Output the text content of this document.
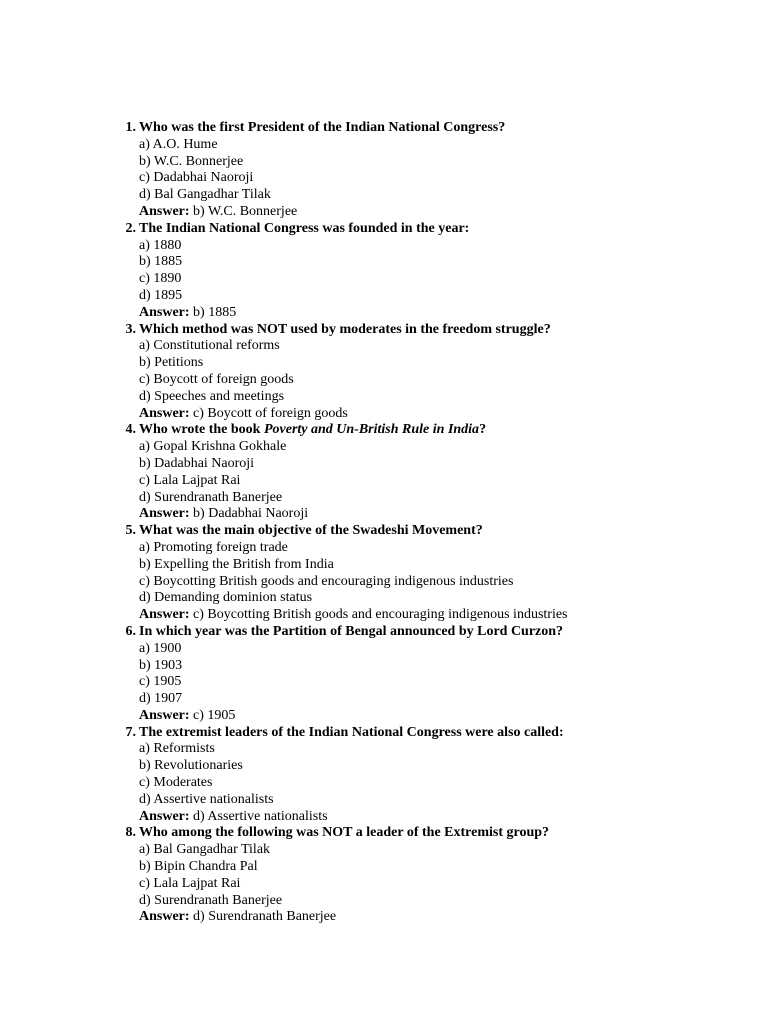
1. Who was the first President of the Indian National Congress?
a) A.O. Hume
b) W.C. Bonnerjee
c) Dadabhai Naoroji
d) Bal Gangadhar Tilak
Answer: b) W.C. Bonnerjee
2. The Indian National Congress was founded in the year:
a) 1880
b) 1885
c) 1890
d) 1895
Answer: b) 1885
3. Which method was NOT used by moderates in the freedom struggle?
a) Constitutional reforms
b) Petitions
c) Boycott of foreign goods
d) Speeches and meetings
Answer: c) Boycott of foreign goods
4. Who wrote the book Poverty and Un-British Rule in India?
a) Gopal Krishna Gokhale
b) Dadabhai Naoroji
c) Lala Lajpat Rai
d) Surendranath Banerjee
Answer: b) Dadabhai Naoroji
5. What was the main objective of the Swadeshi Movement?
a) Promoting foreign trade
b) Expelling the British from India
c) Boycotting British goods and encouraging indigenous industries
d) Demanding dominion status
Answer: c) Boycotting British goods and encouraging indigenous industries
6. In which year was the Partition of Bengal announced by Lord Curzon?
a) 1900
b) 1903
c) 1905
d) 1907
Answer: c) 1905
7. The extremist leaders of the Indian National Congress were also called:
a) Reformists
b) Revolutionaries
c) Moderates
d) Assertive nationalists
Answer: d) Assertive nationalists
8. Who among the following was NOT a leader of the Extremist group?
a) Bal Gangadhar Tilak
b) Bipin Chandra Pal
c) Lala Lajpat Rai
d) Surendranath Banerjee
Answer: d) Surendranath Banerjee
